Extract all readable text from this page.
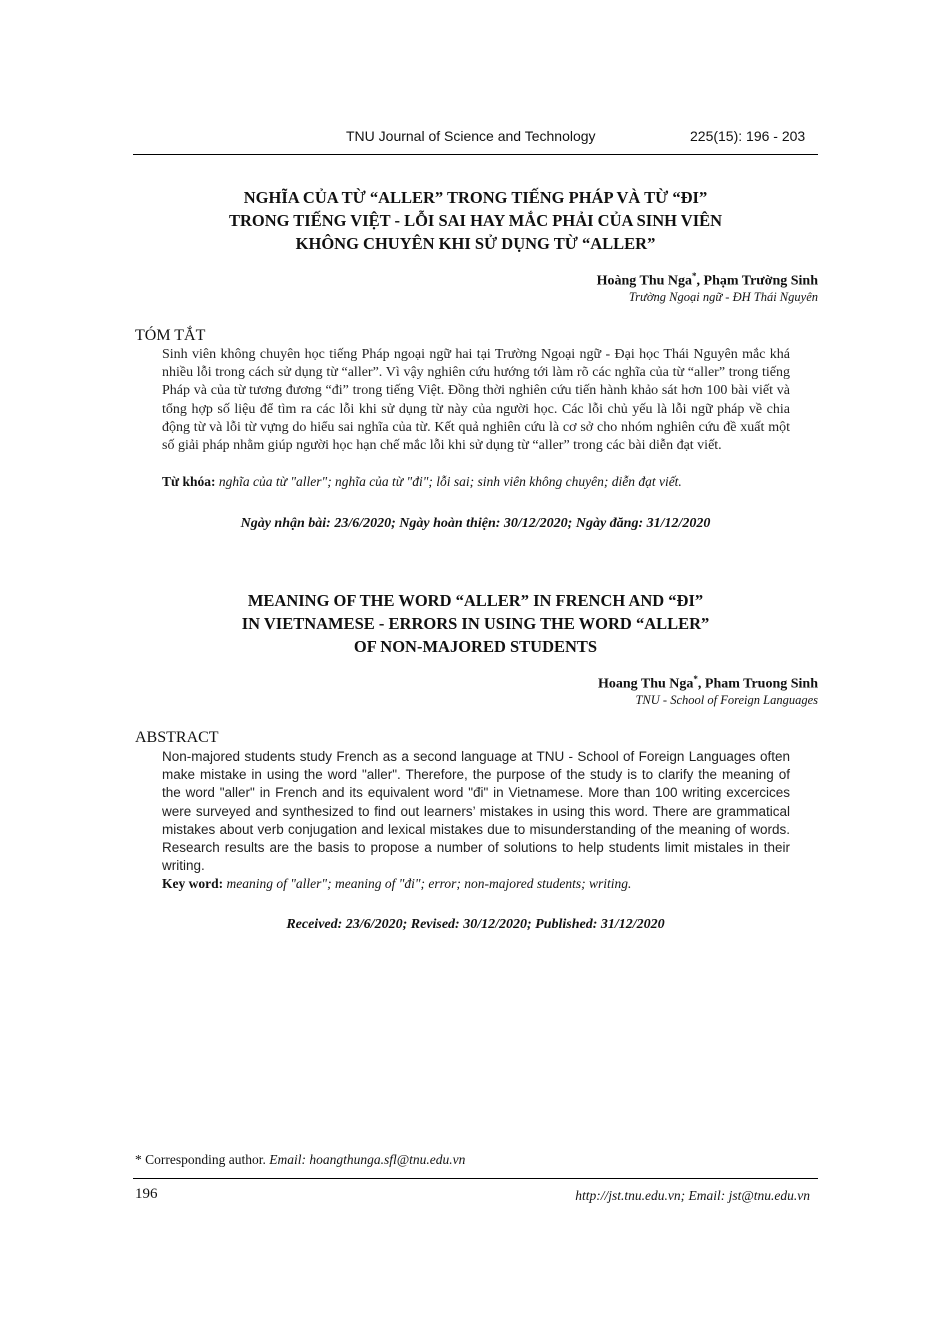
TNU Journal of Science and Technology	225(15): 196 - 203
NGHĨA CỦA TỪ “ALLER” TRONG TIẾNG PHÁP VÀ TỪ “ĐI”
TRONG TIẾNG VIỆT - LỖI SAI HAY MẮC PHẢI CỦA SINH VIÊN
KHÔNG CHUYÊN KHI SỬ DỤNG TỪ “ALLER”
Hoàng Thu Nga*, Phạm Trường Sinh
Trường Ngoại ngữ - ĐH Thái Nguyên
TÓM TẮT
Sinh viên không chuyên học tiếng Pháp ngoại ngữ hai tại Trường Ngoại ngữ - Đại học Thái Nguyên mắc khá nhiều lỗi trong cách sử dụng từ “aller”. Vì vậy nghiên cứu hướng tới làm rõ các nghĩa của từ “aller” trong tiếng Pháp và của từ tương đương “đi” trong tiếng Việt. Đồng thời nghiên cứu tiến hành khảo sát hơn 100 bài viết và tổng hợp số liệu để tìm ra các lỗi khi sử dụng từ này của người học. Các lỗi chủ yếu là lỗi ngữ pháp về chia động từ và lỗi từ vựng do hiểu sai nghĩa của từ. Kết quả nghiên cứu là cơ sở cho nhóm nghiên cứu đề xuất một số giải pháp nhằm giúp người học hạn chế mắc lỗi khi sử dụng từ “aller” trong các bài diễn đạt viết.
Từ khóa: nghĩa của từ "aller"; nghĩa của từ "đi"; lỗi sai; sinh viên không chuyên; diễn đạt viết.
Ngày nhận bài: 23/6/2020; Ngày hoàn thiện: 30/12/2020; Ngày đăng: 31/12/2020
MEANING OF THE WORD “ALLER” IN FRENCH AND “ĐI”
IN VIETNAMESE - ERRORS IN USING THE WORD “ALLER”
OF NON-MAJORED STUDENTS
Hoang Thu Nga*, Pham Truong Sinh
TNU - School of Foreign Languages
ABSTRACT
Non-majored students study French as a second language at TNU - School of Foreign Languages often make mistake in using the word "aller". Therefore, the purpose of the study is to clarify the meaning of the word "aller" in French and its equivalent word "đi" in Vietnamese. More than 100 writing excercices were surveyed and synthesized to find out learners’ mistakes in using this word. There are grammatical mistakes about verb conjugation and lexical mistakes due to misunderstanding of the meaning of words. Research results are the basis to propose a number of solutions to help students limit mistales in their writing.
Key word: meaning of "aller"; meaning of "đi"; error; non-majored students; writing.
Received: 23/6/2020; Revised: 30/12/2020; Published: 31/12/2020
* Corresponding author. Email: hoangthunga.sfl@tnu.edu.vn
196	http://jst.tnu.edu.vn; Email: jst@tnu.edu.vn
